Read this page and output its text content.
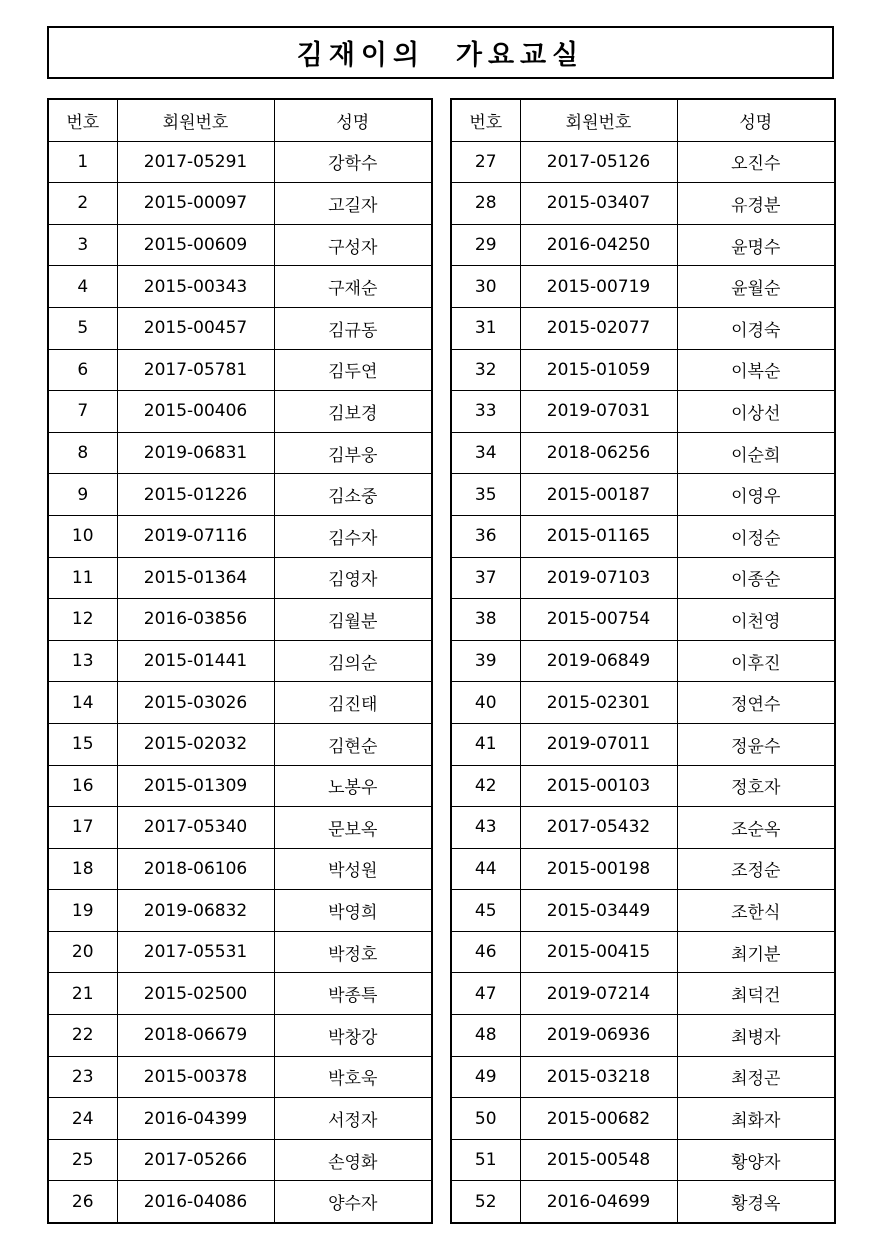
김재이의  가요교실
번호	회원번호	성명
1	2017-05291	강학수
2	2015-00097	고길자
3	2015-00609	구성자
4	2015-00343	구재순
5	2015-00457	김규동
6	2017-05781	김두연
7	2015-00406	김보경
8	2019-06831	김부웅
9	2015-01226	김소중
10	2019-07116	김수자
11	2015-01364	김영자
12	2016-03856	김월분
13	2015-01441	김의순
14	2015-03026	김진태
15	2015-02032	김현순
16	2015-01309	노봉우
17	2017-05340	문보옥
18	2018-06106	박성원
19	2019-06832	박영희
20	2017-05531	박정호
21	2015-02500	박종특
22	2018-06679	박창강
23	2015-00378	박호욱
24	2016-04399	서정자
25	2017-05266	손영화
26	2016-04086	양수자
번호	회원번호	성명
27	2017-05126	오진수
28	2015-03407	유경분
29	2016-04250	윤명수
30	2015-00719	윤월순
31	2015-02077	이경숙
32	2015-01059	이복순
33	2019-07031	이상선
34	2018-06256	이순희
35	2015-00187	이영우
36	2015-01165	이정순
37	2019-07103	이종순
38	2015-00754	이천영
39	2019-06849	이후진
40	2015-02301	정연수
41	2019-07011	정윤수
42	2015-00103	정호자
43	2017-05432	조순옥
44	2015-00198	조정순
45	2015-03449	조한식
46	2015-00415	최기분
47	2019-07214	최덕건
48	2019-06936	최병자
49	2015-03218	최정곤
50	2015-00682	최화자
51	2015-00548	황양자
52	2016-04699	황경옥
